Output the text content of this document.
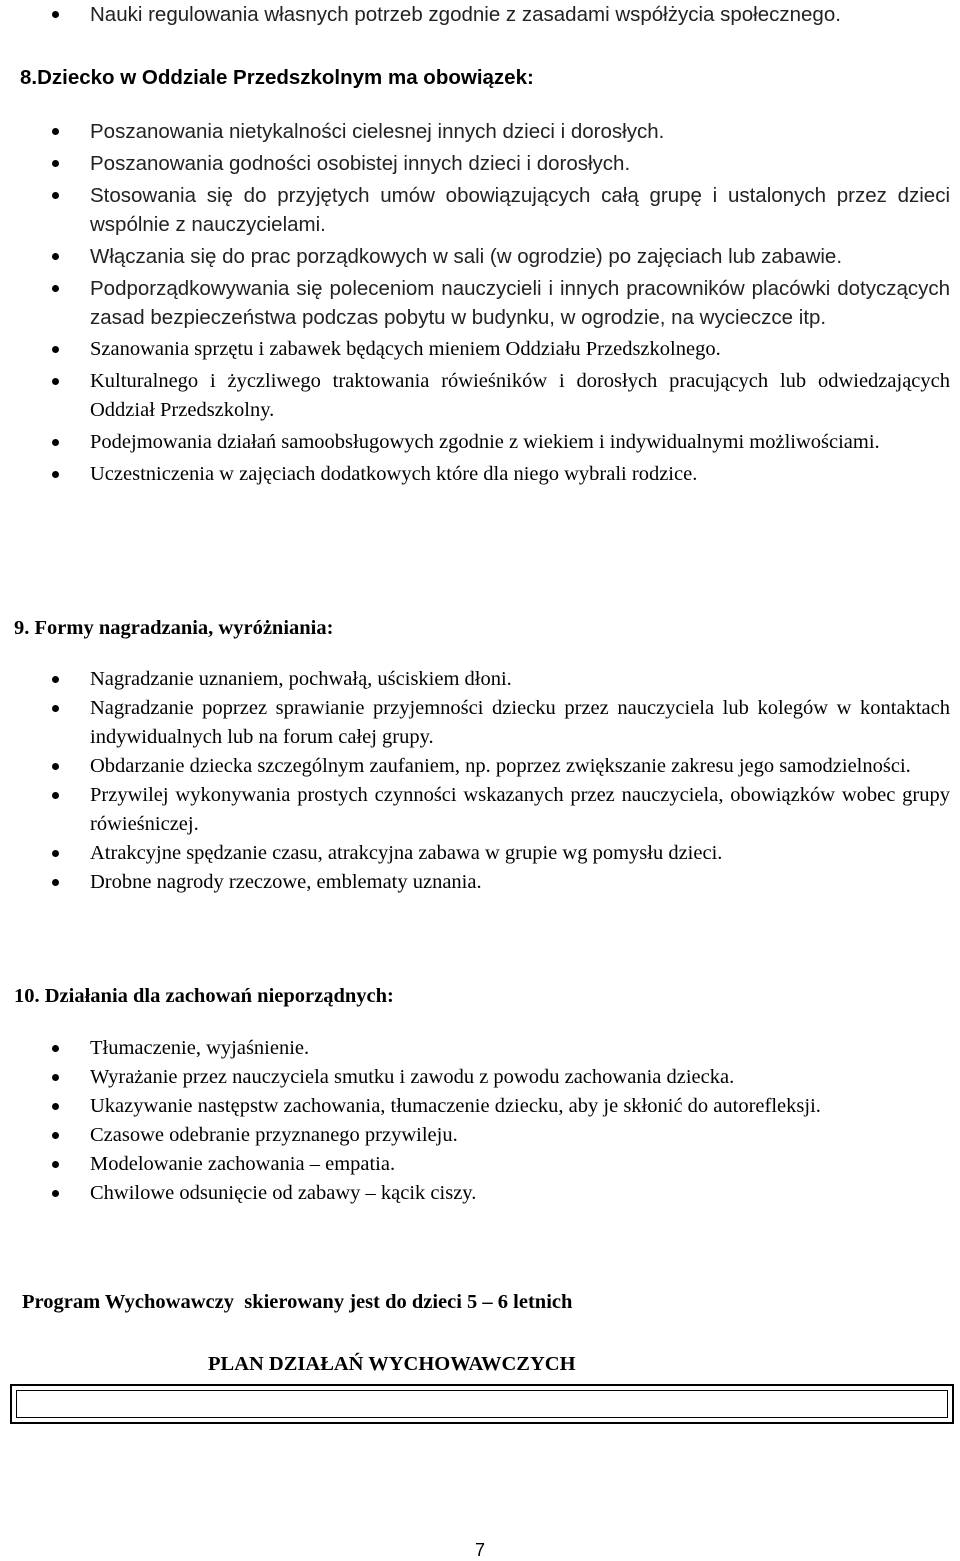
Nauki regulowania własnych potrzeb zgodnie z zasadami współżycia społecznego.
8.Dziecko w Oddziale Przedszkolnym ma obowiązek:
Poszanowania nietykalności cielesnej innych dzieci i dorosłych.
Poszanowania godności osobistej innych dzieci i dorosłych.
Stosowania się do przyjętych umów obowiązujących całą grupę i ustalonych przez dzieci wspólnie z nauczycielami.
Włączania się do prac porządkowych w sali (w ogrodzie) po zajęciach lub zabawie.
Podporządkowywania się poleceniom nauczycieli i innych pracowników placówki dotyczących zasad bezpieczeństwa podczas pobytu w budynku, w ogrodzie, na wycieczce itp.
Szanowania sprzętu i zabawek będących mieniem Oddziału Przedszkolnego.
Kulturalnego i życzliwego traktowania rówieśników i dorosłych pracujących lub odwiedzających Oddział Przedszkolny.
Podejmowania działań samoobsługowych zgodnie z wiekiem i indywidualnymi możliwościami.
Uczestniczenia w zajęciach dodatkowych które dla niego wybrali rodzice.
9. Formy nagradzania, wyróżniania:
Nagradzanie uznaniem, pochwałą, uściskiem dłoni.
Nagradzanie poprzez sprawianie przyjemności dziecku przez nauczyciela lub kolegów w kontaktach indywidualnych lub na forum całej grupy.
Obdarzanie dziecka szczególnym zaufaniem, np. poprzez zwiększanie zakresu jego samodzielności.
Przywilej wykonywania prostych czynności wskazanych przez nauczyciela, obowiązków wobec grupy rówieśniczej.
Atrakcyjne spędzanie czasu, atrakcyjna zabawa w grupie wg pomysłu dzieci.
Drobne nagrody rzeczowe, emblematy uznania.
10. Działania dla zachowań nieporządnych:
Tłumaczenie, wyjaśnienie.
Wyrażanie przez nauczyciela smutku i zawodu z powodu zachowania dziecka.
Ukazywanie następstw zachowania, tłumaczenie dziecku, aby je skłonić do autorefleksji.
Czasowe odebranie przyznanego przywileju.
Modelowanie zachowania – empatia.
Chwilowe odsunięcie od zabawy – kącik ciszy.
Program Wychowawczy  skierowany jest do dzieci 5 – 6 letnich
PLAN DZIAŁAŃ WYCHOWAWCZYCH
7
